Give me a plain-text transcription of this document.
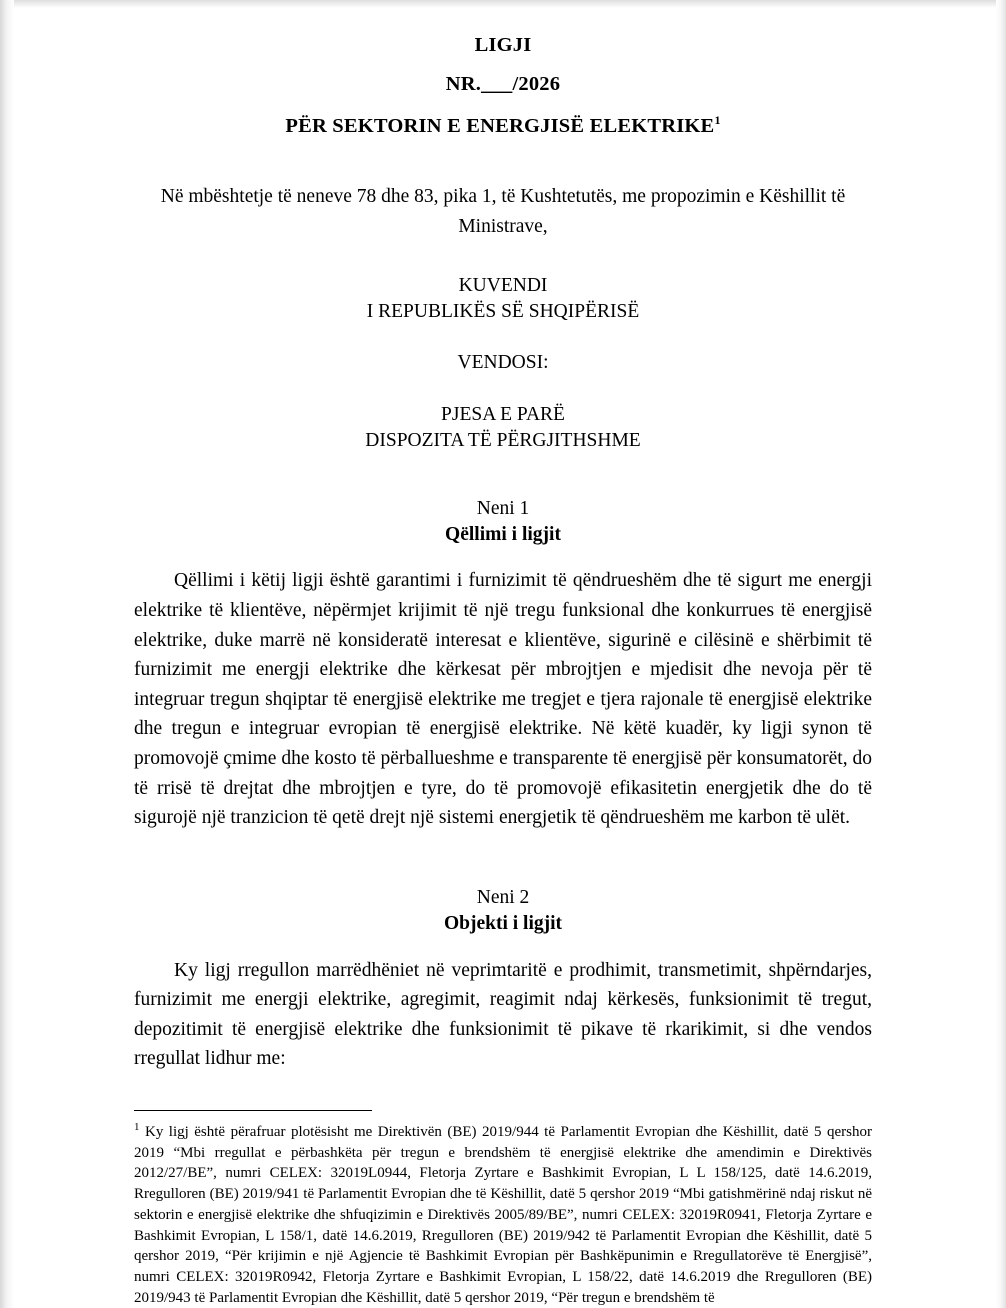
LIGJI
NR.___/2026
PËR SEKTORIN E ENERGJISË ELEKTRIKE$^1$
Në mbështetje të neneve 78 dhe 83, pika 1, të Kushtetutës, me propozimin e Këshillit të Ministrave,
KUVENDI
I REPUBLIKËS SË SHQIPËRISË
VENDOSI:
PJESA E PARË
DISPOZITA TË PËRGJITHSHME
Neni 1
Qëllimi i ligjit
Qëllimi i këtij ligji është garantimi i furnizimit të qëndrueshëm dhe të sigurt me energji elektrike të klientëve, nëpërmjet krijimit të një tregu funksional dhe konkurrues të energjisë elektrike, duke marrë në konsideratë interesat e klientëve, sigurinë e cilësinë e shërbimit të furnizimit me energji elektrike dhe kërkesat për mbrojtjen e mjedisit dhe nevoja për të integruar tregun shqiptar të energjisë elektrike me tregjet e tjera rajonale të energjisë elektrike dhe tregun e integruar evropian të energjisë elektrike. Në këtë kuadër, ky ligji synon të promovojë çmime dhe kosto të përballueshme e transparente të energjisë për konsumatorët, do të rrisë të drejtat dhe mbrojtjen e tyre, do të promovojë efikasitetin energjetik dhe do të sigurojë një tranzicion të qetë drejt një sistemi energjetik të qëndrueshëm me karbon të ulët.
Neni 2
Objekti i ligjit
Ky ligj rregullon marrëdhëniet në veprimtaritë e prodhimit, transmetimit, shpërndarjes, furnizimit me energji elektrike, agregimit, reagimit ndaj kërkesës, funksionimit të tregut, depozitimit të energjisë elektrike dhe funksionimit të pikave të rkarikimit, si dhe vendos rregullat lidhur me:
$^1$ Ky ligj është përafruar plotësisht me Direktivën (BE) 2019/944 të Parlamentit Evropian dhe Këshillit, datë 5 qershor 2019 “Mbi rregullat e përbashkëta për tregun e brendshëm të energjisë elektrike dhe amendimin e Direktivës 2012/27/BE”, numri CELEX: 32019L0944, Fletorja Zyrtare e Bashkimit Evropian, L L 158/125, datë 14.6.2019, Rregulloren (BE) 2019/941 të Parlamentit Evropian dhe të Këshillit, datë 5 qershor 2019 “Mbi gatishmërinë ndaj riskut në sektorin e energjisë elektrike dhe shfuqizimin e Direktivës 2005/89/BE”, numri CELEX: 32019R0941, Fletorja Zyrtare e Bashkimit Evropian, L 158/1, datë 14.6.2019, Rregulloren (BE) 2019/942 të Parlamentit Evropian dhe Këshillit, datë 5 qershor 2019, “Për krijimin e një Agjencie të Bashkimit Evropian për Bashkëpunimin e Rregullatorëve të Energjisë”, numri CELEX: 32019R0942, Fletorja Zyrtare e Bashkimit Evropian, L 158/22, datë 14.6.2019 dhe Rregulloren (BE) 2019/943 të Parlamentit Evropian dhe Këshillit, datë 5 qershor 2019, “Për tregun e brendshëm të
